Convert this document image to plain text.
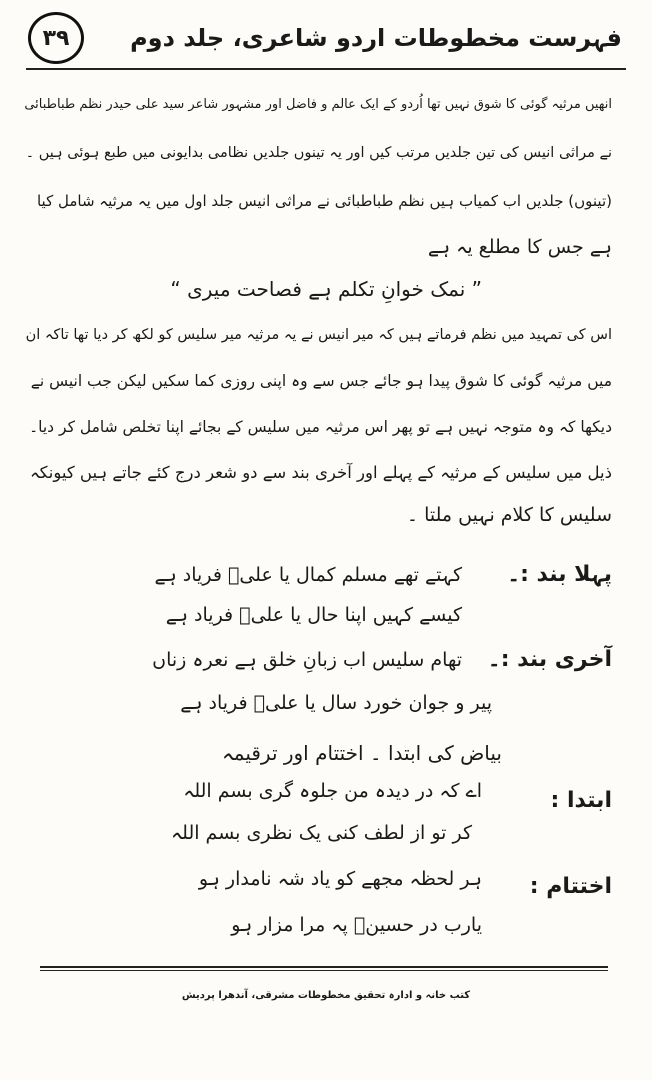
۳۹	فہرست مخطوطات اردو شاعری، جلد دوم
انھیں مرثیہ گوئی کا شوق نہیں تھا اُردو کے ایک عالم و فاضل اور مشہور شاعر سید علی حیدر نظم طباطبائی
نے مراثی انیس کی تین جلدیں مرتب کیں اور یہ تینوں جلدیں نظامی بدایونی میں طبع ہوئی ہیں ۔
(تینوں) جلدیں اب کمیاب ہیں نظم طباطبائی نے مراثی انیس جلد اول میں یہ مرثیہ شامل کیا
ہے جس کا مطلع یہ ہے
” نمک خوانِ تکلم ہے فصاحت میری “
اس کی تمہید میں نظم فرماتے ہیں کہ میر انیس نے یہ مرثیہ میر سلیس کو لکھ کر دیا تھا تاکہ ان
میں مرثیہ گوئی کا شوق پیدا ہو جائے جس سے وہ اپنی روزی کما سکیں لیکن جب انیس نے
دیکھا کہ وہ متوجہ نہیں ہے تو پھر اس مرثیہ میں سلیس کے بجائے اپنا تخلص شامل کر دیا۔
ذیل میں سلیس کے مرثیہ کے پہلے اور آخری بند سے دو شعر درج کئے جاتے ہیں کیونکہ
سلیس کا کلام نہیں ملتا ۔
پہلا بند :۔
کہتے تھے مسلم کمال یا علیؑ فریاد ہے
کیسے کہیں اپنا حال یا علیؑ فریاد ہے
آخری بند :۔
تھام سلیس اب زبانِ خلق ہے نعرہ زناں
پیر و جوان خورد سال یا علیؑ فریاد ہے
بیاض کی ابتدا ۔ اختتام اور ترقیمہ
ابتدا :
اے کہ در دیدہ من جلوہ گری بسم اللہ
کر تو از لطف کنی یک نظری بسم اللہ
اختتام :
ہر لحظہ مجھے کو یاد شہ نامدار ہو
یارب در حسینؑ پہ مرا مزار ہو
کتب خانہ و ادارہ تحقیق مخطوطات مشرقی، آندھرا پردیش
